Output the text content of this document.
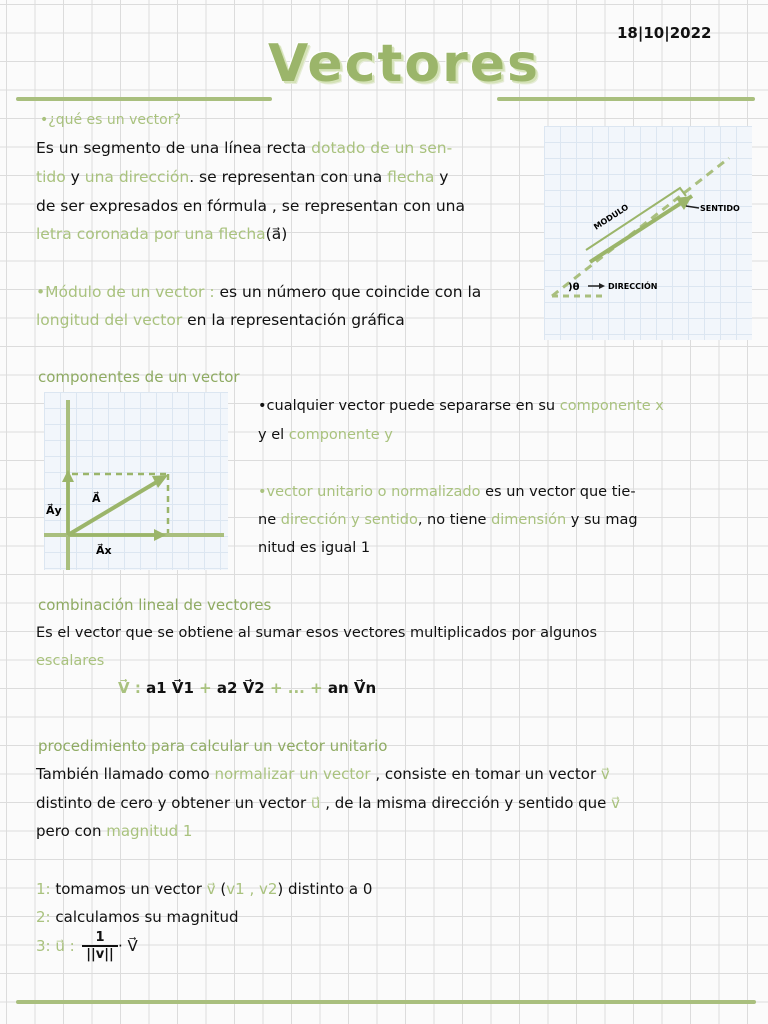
18|10|2022
Vectores
•¿qué es un vector?
Es un segmento de una línea recta dotado de un sen-
tido y una dirección. se representan con una flecha y
de ser expresados en fórmula , se representan con una
letra coronada por una flecha(a⃗)
•Módulo de un vector : es un número que coincide con la
longitud del vector en la representación gráfica
MODULO	SENTIDO
)θ	DIRECCIÓN
componentes de un vector
A⃗
A⃗y
A⃗x
•cualquier vector puede separarse en su componente x
y el componente y
•vector unitario o normalizado es un vector que tie-
ne dirección y sentido, no tiene dimensión y su mag
nitud es igual 1
combinación lineal de vectores
Es el vector que se obtiene al sumar esos vectores multiplicados por algunos
escalares
V⃗ : a1 V⃗1 + a2 V⃗2 + ... + an V⃗n
procedimiento para calcular un vector unitario
También llamado como normalizar un vector , consiste en tomar un vector v⃗
distinto de cero y obtener un vector u⃗ , de la misma dirección y sentido que v⃗
pero con magnitud 1
1: tomamos un vector v⃗ (v1 , v2) distinto a 0
2: calculamos su magnitud
3: u⃗ : $\frac{1}{||v||}$ · V⃗
